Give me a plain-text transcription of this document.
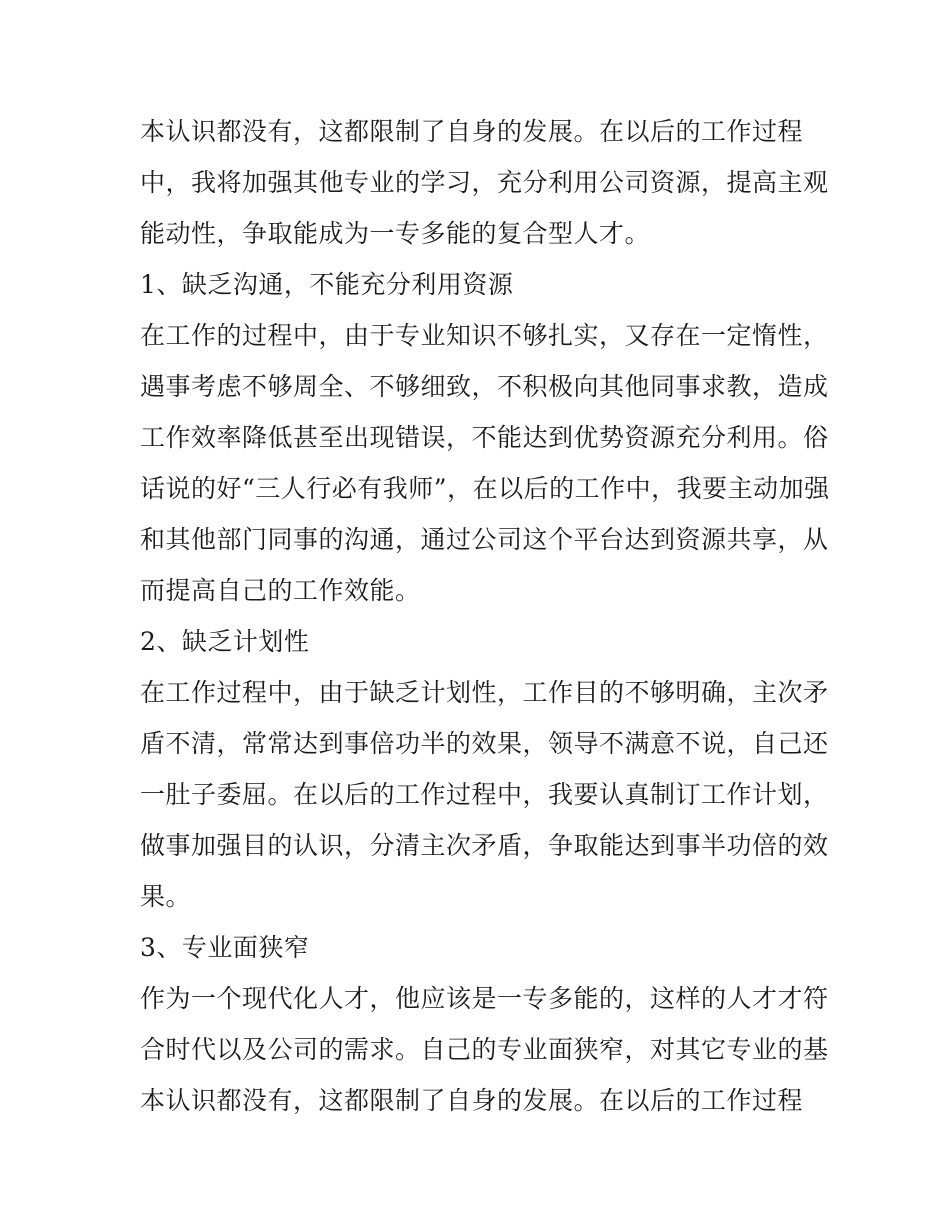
本认识都没有，这都限制了自身的发展。在以后的工作过程
中，我将加强其他专业的学习，充分利用公司资源，提高主观
能动性，争取能成为一专多能的复合型人才。
1、缺乏沟通，不能充分利用资源
在工作的过程中，由于专业知识不够扎实，又存在一定惰性，
遇事考虑不够周全、不够细致，不积极向其他同事求教，造成
工作效率降低甚至出现错误，不能达到优势资源充分利用。俗
话说的好“三人行必有我师”，在以后的工作中，我要主动加强
和其他部门同事的沟通，通过公司这个平台达到资源共享，从
而提高自己的工作效能。
2、缺乏计划性
在工作过程中，由于缺乏计划性，工作目的不够明确，主次矛
盾不清，常常达到事倍功半的效果，领导不满意不说，自己还
一肚子委屈。在以后的工作过程中，我要认真制订工作计划，
做事加强目的认识，分清主次矛盾，争取能达到事半功倍的效
果。
3、专业面狭窄
作为一个现代化人才，他应该是一专多能的，这样的人才才符
合时代以及公司的需求。自己的专业面狭窄，对其它专业的基
本认识都没有，这都限制了自身的发展。在以后的工作过程
